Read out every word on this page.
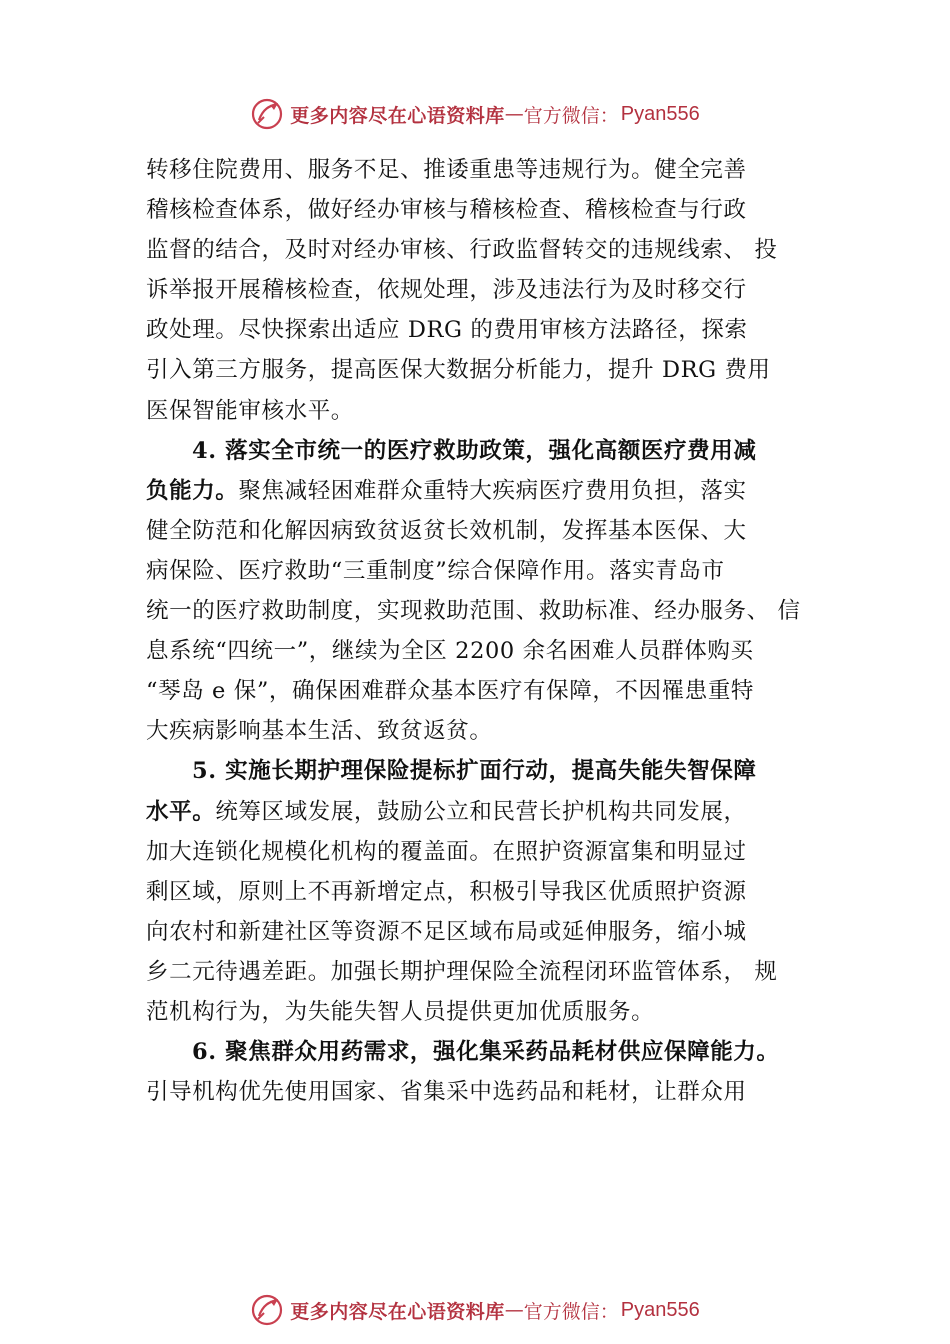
更多内容尽在心语资料库 — 官方微信： Pyan556
转移住院费用、服务不足、推诿重患等违规行为。健全完善
稽核检查体系，做好经办审核与稽核检查、稽核检查与行政
监督的结合，及时对经办审核、行政监督转交的违规线索、 投
诉举报开展稽核检查，依规处理，涉及违法行为及时移交行
政处理。尽快探索出适应 DRG 的费用审核方法路径，探索
引入第三方服务，提高医保大数据分析能力，提升 DRG 费用
医保智能审核水平。
4. 落实全市统一的医疗救助政策，强化高额医疗费用减
负能力。聚焦减轻困难群众重特大疾病医疗费用负担，落实
健全防范和化解因病致贫返贫长效机制，发挥基本医保、大
病保险、医疗救助“三重制度”综合保障作用。落实青岛市
统一的医疗救助制度，实现救助范围、救助标准、经办服务、 信
息系统“四统一”，继续为全区 2200 余名困难人员群体购买
“琴岛 e 保”，确保困难群众基本医疗有保障，不因罹患重特
大疾病影响基本生活、致贫返贫。
5. 实施长期护理保险提标扩面行动，提高失能失智保障
水平。统筹区域发展，鼓励公立和民营长护机构共同发展，
加大连锁化规模化机构的覆盖面。在照护资源富集和明显过
剩区域，原则上不再新增定点，积极引导我区优质照护资源
向农村和新建社区等资源不足区域布局或延伸服务，缩小城
乡二元待遇差距。加强长期护理保险全流程闭环监管体系， 规
范机构行为，为失能失智人员提供更加优质服务。
6. 聚焦群众用药需求，强化集采药品耗材供应保障能力。
引导机构优先使用国家、省集采中选药品和耗材，让群众用
更多内容尽在心语资料库 — 官方微信： Pyan556
